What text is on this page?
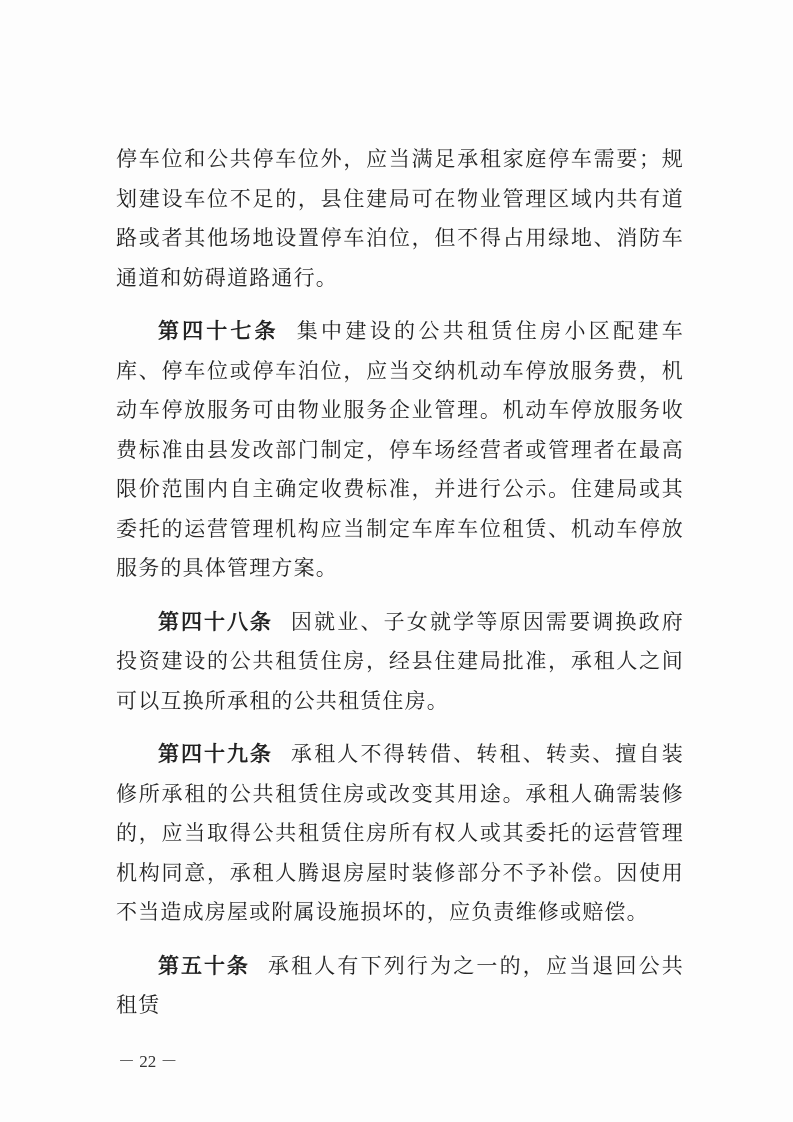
停车位和公共停车位外，应当满足承租家庭停车需要；规划建设车位不足的，县住建局可在物业管理区域内共有道路或者其他场地设置停车泊位，但不得占用绿地、消防车通道和妨碍道路通行。

第四十七条 集中建设的公共租赁住房小区配建车库、停车位或停车泊位，应当交纳机动车停放服务费，机动车停放服务可由物业服务企业管理。机动车停放服务收费标准由县发改部门制定，停车场经营者或管理者在最高限价范围内自主确定收费标准，并进行公示。住建局或其委托的运营管理机构应当制定车库车位租赁、机动车停放服务的具体管理方案。

第四十八条 因就业、子女就学等原因需要调换政府投资建设的公共租赁住房，经县住建局批准，承租人之间可以互换所承租的公共租赁住房。

第四十九条 承租人不得转借、转租、转卖、擅自装修所承租的公共租赁住房或改变其用途。承租人确需装修的，应当取得公共租赁住房所有权人或其委托的运营管理机构同意，承租人腾退房屋时装修部分不予补偿。因使用不当造成房屋或附属设施损坏的，应负责维修或赔偿。

第五十条 承租人有下列行为之一的，应当退回公共租赁

－ 22 －
